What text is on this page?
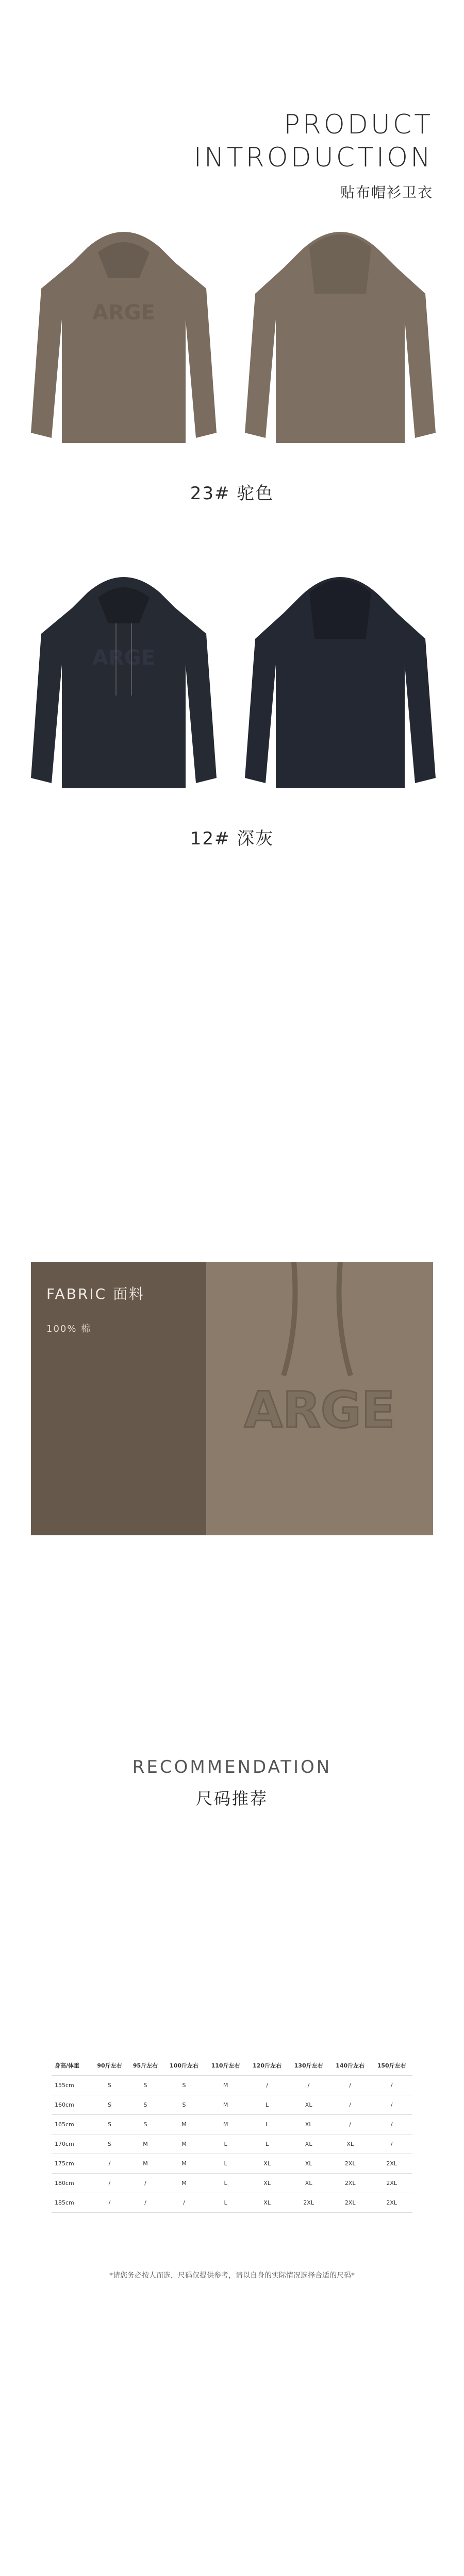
PRODUCT
INTRODUCTION
贴布帽衫卫衣
ARGE
23# 驼色
ARGE
12# 深灰
FABRIC 面料
100% 棉
ARGE
RECOMMENDATION
尺码推荐
身高/体重	90斤左右	95斤左右	100斤左右	110斤左右	120斤左右	130斤左右	140斤左右	150斤左右
155cm	S	S	S	M	/	/	/	/
160cm	S	S	S	M	L	XL	/	/
165cm	S	S	M	M	L	XL	/	/
170cm	S	M	M	L	L	XL	XL	/
175cm	/	M	M	L	XL	XL	2XL	2XL
180cm	/	/	M	L	XL	XL	2XL	2XL
185cm	/	/	/	L	XL	2XL	2XL	2XL
*请您务必按人而选，尺码仅提供参考，请以自身的实际情况选择合适的尺码*
